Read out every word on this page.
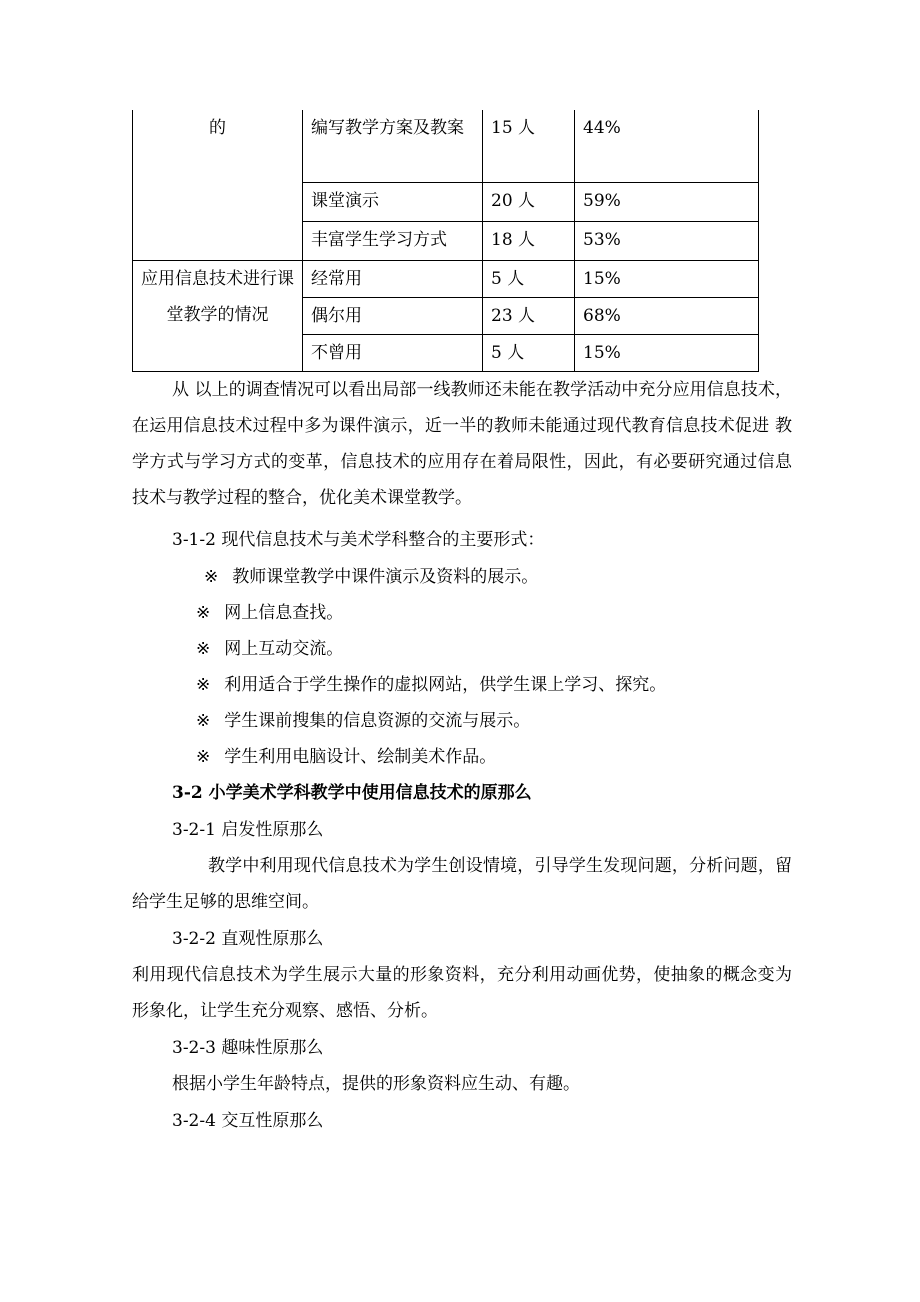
的	编写教学方案及教案	15 人	44%
	课堂演示	20 人	59%
	丰富学生学习方式	18 人	53%
应用信息技术进行课堂教学的情况	经常用	5 人	15%
	偶尔用	23 人	68%
	不曾用	5 人	15%

从 以上的调查情况可以看出局部一线教师还未能在教学活动中充分应用信息技术，在运用信息技术过程中多为课件演示，近一半的教师未能通过现代教育信息技术促进 教学方式与学习方式的变革，信息技术的应用存在着局限性，因此，有必要研究通过信息技术与教学过程的整合，优化美术课堂教学。

3-1-2 现代信息技术与美术学科整合的主要形式：

※ 教师课堂教学中课件演示及资料的展示。

※ 网上信息查找。

※ 网上互动交流。

※ 利用适合于学生操作的虚拟网站，供学生课上学习、探究。

※ 学生课前搜集的信息资源的交流与展示。

※ 学生利用电脑设计、绘制美术作品。

3-2 小学美术学科教学中使用信息技术的原那么

3-2-1 启发性原那么

教学中利用现代信息技术为学生创设情境，引导学生发现问题，分析问题，留给学生足够的思维空间。

3-2-2 直观性原那么

利用现代信息技术为学生展示大量的形象资料，充分利用动画优势，使抽象的概念变为形象化，让学生充分观察、感悟、分析。

3-2-3 趣味性原那么

根据小学生年龄特点，提供的形象资料应生动、有趣。

3-2-4 交互性原那么
